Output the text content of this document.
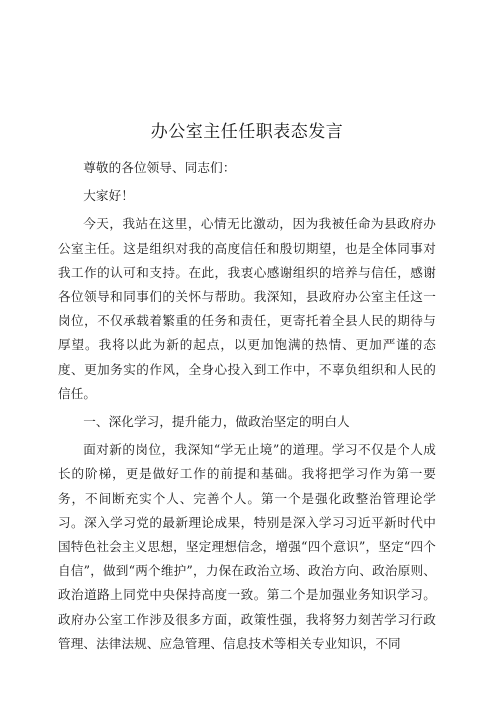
办公室主任任职表态发言

尊敬的各位领导、同志们：

大家好！

今天，我站在这里，心情无比激动，因为我被任命为县政府办公室主任。这是组织对我的高度信任和殷切期望，也是全体同事对我工作的认可和支持。在此，我衷心感谢组织的培养与信任，感谢各位领导和同事们的关怀与帮助。我深知，县政府办公室主任这一岗位，不仅承载着繁重的任务和责任，更寄托着全县人民的期待与厚望。我将以此为新的起点，以更加饱满的热情、更加严谨的态度、更加务实的作风，全身心投入到工作中，不辜负组织和人民的信任。

一、深化学习，提升能力，做政治坚定的明白人

面对新的岗位，我深知“学无止境”的道理。学习不仅是个人成长的阶梯，更是做好工作的前提和基础。我将把学习作为第一要务，不间断充实个人、完善个人。第一个是强化政整治管理论学习。深入学习党的最新理论成果，特别是深入学习习近平新时代中国特色社会主义思想，坚定理想信念，增强“四个意识”，坚定“四个自信”，做到“两个维护”，力保在政治立场、政治方向、政治原则、政治道路上同党中央保持高度一致。第二个是加强业务知识学习。政府办公室工作涉及很多方面，政策性强，我将努力刻苦学习行政管理、法律法规、应急管理、信息技术等相关专业知识，不同
